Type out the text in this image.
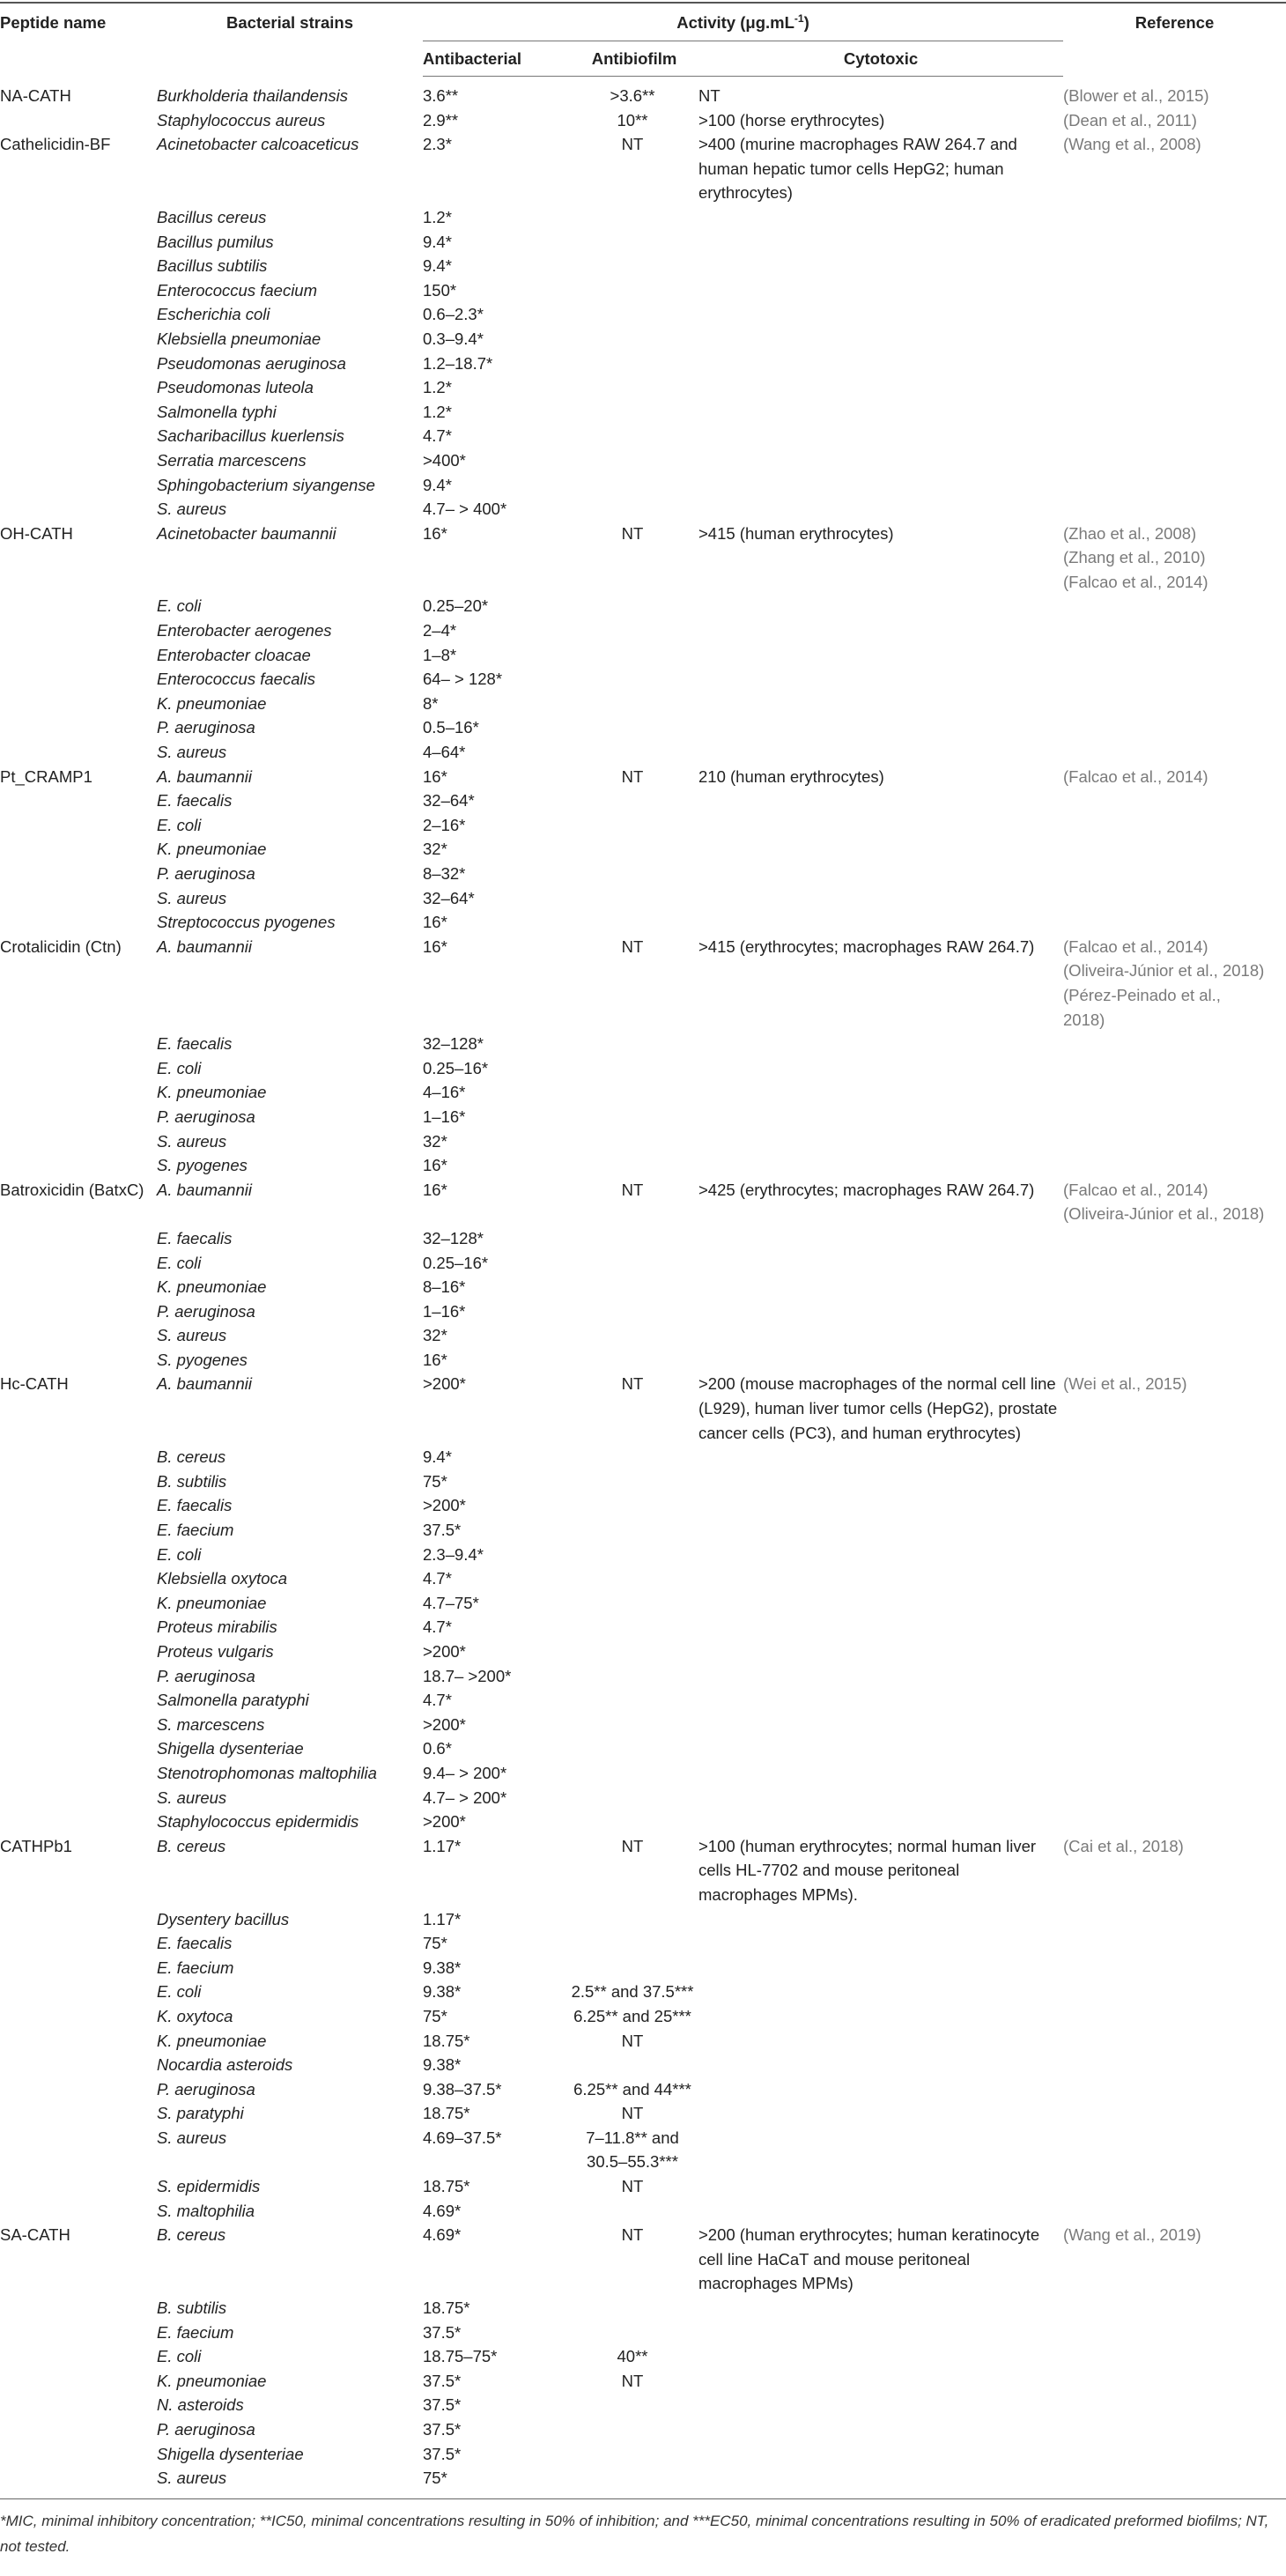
Peptide name	Bacterial strains	Activity $(\mu g.mL^{-1})$			Reference
		Antibacterial	Antibiofilm	Cytotoxic	
NA-CATH	Burkholderia thailandensis	3.6**	>3.6**	NT	(Blower et al., 2015)
	Staphylococcus aureus	2.9**	10**	>100 (horse erythrocytes)	(Dean et al., 2011)
Cathelicidin-BF	Acinetobacter calcoaceticus	2.3*	NT	>400 (murine macrophages RAW 264.7 and human hepatic tumor cells HepG2; human erythrocytes)	(Wang et al., 2008)
	Bacillus cereus	1.2*			
	Bacillus pumilus	9.4*			
	Bacillus subtilis	9.4*			
	Enterococcus faecium	150*			
	Escherichia coli	0.6–2.3*			
	Klebsiella pneumoniae	0.3–9.4*			
	Pseudomonas aeruginosa	1.2–18.7*			
	Pseudomonas luteola	1.2*			
	Salmonella typhi	1.2*			
	Sacharibacillus kuerlensis	4.7*			
	Serratia marcescens	>400*			
	Sphingobacterium siyangense	9.4*			
	S. aureus	4.7– > 400*			
OH-CATH	Acinetobacter baumannii	16*	NT	>415 (human erythrocytes)	(Zhao et al., 2008)
(Zhang et al., 2010)
(Falcao et al., 2014)
	E. coli	0.25–20*			
	Enterobacter aerogenes	2–4*			
	Enterobacter cloacae	1–8*			
	Enterococcus faecalis	64– > 128*			
	K. pneumoniae	8*			
	P. aeruginosa	0.5–16*			
	S. aureus	4–64*			
Pt_CRAMP1	A. baumannii	16*	NT	210 (human erythrocytes)	(Falcao et al., 2014)
	E. faecalis	32–64*			
	E. coli	2–16*			
	K. pneumoniae	32*			
	P. aeruginosa	8–32*			
	S. aureus	32–64*			
	Streptococcus pyogenes	16*			
Crotalicidin (Ctn)	A. baumannii	16*	NT	>415 (erythrocytes; macrophages RAW 264.7)	(Falcao et al., 2014)
(Oliveira-Júnior et al., 2018)
(Pérez-Peinado et al.,
2018)
	E. faecalis	32–128*			
	E. coli	0.25–16*			
	K. pneumoniae	4–16*			
	P. aeruginosa	1–16*			
	S. aureus	32*			
	S. pyogenes	16*			
Batroxicidin (BatxC)	A. baumannii	16*	NT	>425 (erythrocytes; macrophages RAW 264.7)	(Falcao et al., 2014)
(Oliveira-Júnior et al., 2018)
	E. faecalis	32–128*			
	E. coli	0.25–16*			
	K. pneumoniae	8–16*			
	P. aeruginosa	1–16*			
	S. aureus	32*			
	S. pyogenes	16*			
Hc-CATH	A. baumannii	>200*	NT	>200 (mouse macrophages of the normal cell line (L929), human liver tumor cells (HepG2), prostate cancer cells (PC3), and human erythrocytes)	(Wei et al., 2015)
	B. cereus	9.4*			
	B. subtilis	75*			
	E. faecalis	>200*			
	E. faecium	37.5*			
	E. coli	2.3–9.4*			
	Klebsiella oxytoca	4.7*			
	K. pneumoniae	4.7–75*			
	Proteus mirabilis	4.7*			
	Proteus vulgaris	>200*			
	P. aeruginosa	18.7– >200*			
	Salmonella paratyphi	4.7*			
	S. marcescens	>200*			
	Shigella dysenteriae	0.6*			
	Stenotrophomonas maltophilia	9.4– > 200*			
	S. aureus	4.7– > 200*			
	Staphylococcus epidermidis	>200*			
CATHPb1	B. cereus	1.17*	NT	>100 (human erythrocytes; normal human liver cells HL-7702 and mouse peritoneal macrophages MPMs).	(Cai et al., 2018)
	Dysentery bacillus	1.17*			
	E. faecalis	75*			
	E. faecium	9.38*			
	E. coli	9.38*	2.5** and 37.5***		
	K. oxytoca	75*	6.25** and 25***		
	K. pneumoniae	18.75*	NT		
	Nocardia asteroids	9.38*			
	P. aeruginosa	9.38–37.5*	6.25** and 44***		
	S. paratyphi	18.75*	NT		
	S. aureus	4.69–37.5*	7–11.8** and 30.5–55.3***		
	S. epidermidis	18.75*	NT		
	S. maltophilia	4.69*			
SA-CATH	B. cereus	4.69*	NT	>200 (human erythrocytes; human keratinocyte cell line HaCaT and mouse peritoneal macrophages MPMs)	(Wang et al., 2019)
	B. subtilis	18.75*			
	E. faecium	37.5*			
	E. coli	18.75–75*	40**		
	K. pneumoniae	37.5*	NT		
	N. asteroids	37.5*			
	P. aeruginosa	37.5*			
	Shigella dysenteriae	37.5*			
	S. aureus	75*			
*MIC, minimal inhibitory concentration; **IC50, minimal concentrations resulting in 50% of inhibition; and ***EC50, minimal concentrations resulting in 50% of eradicated preformed biofilms; NT, not tested.
